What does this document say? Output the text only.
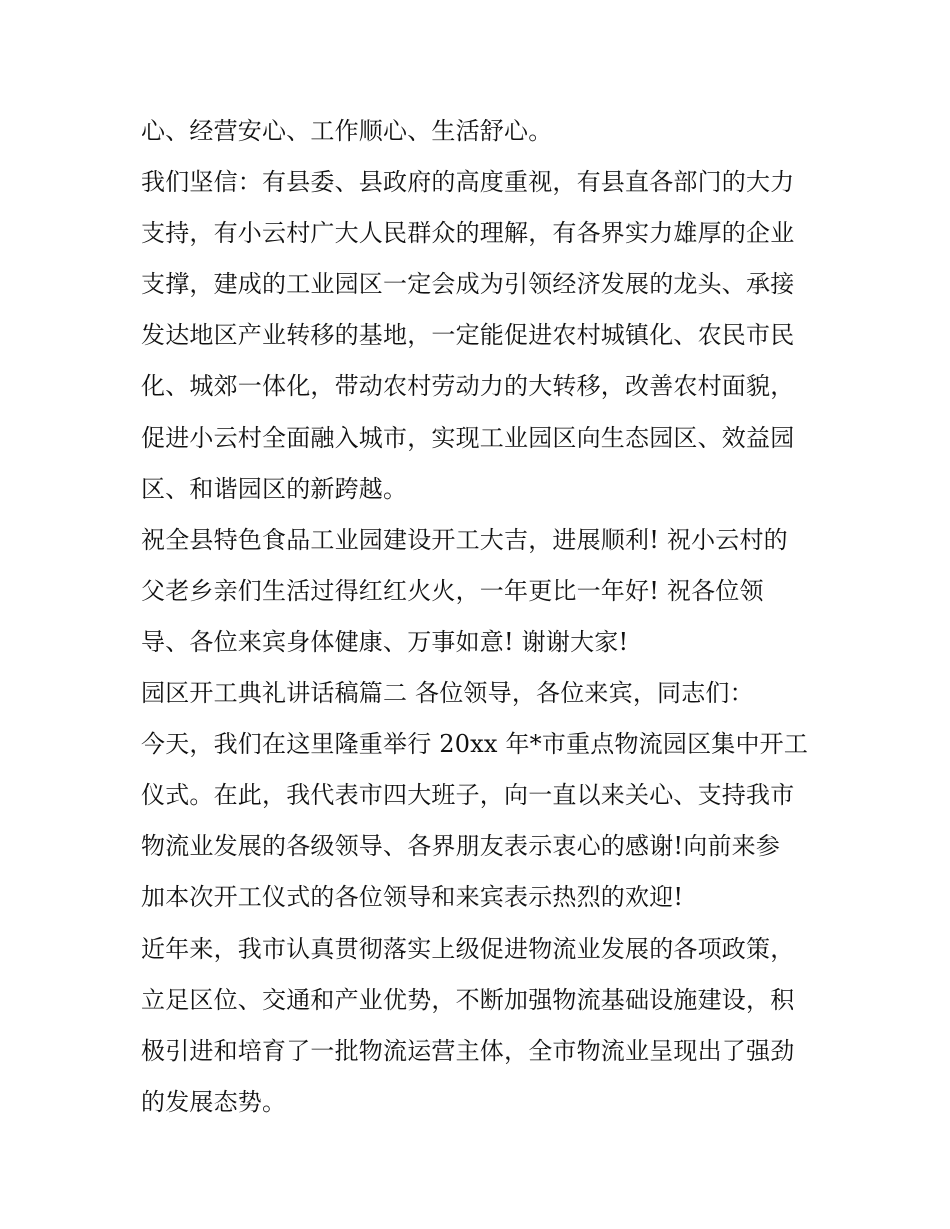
心、经营安心、工作顺心、生活舒心。
我们坚信：有县委、县政府的高度重视，有县直各部门的大力
支持，有小云村广大人民群众的理解，有各界实力雄厚的企业
支撑，建成的工业园区一定会成为引领经济发展的龙头、承接
发达地区产业转移的基地，一定能促进农村城镇化、农民市民
化、城郊一体化，带动农村劳动力的大转移，改善农村面貌，
促进小云村全面融入城市，实现工业园区向生态园区、效益园
区、和谐园区的新跨越。
祝全县特色食品工业园建设开工大吉，进展顺利! 祝小云村的
父老乡亲们生活过得红红火火，一年更比一年好! 祝各位领
导、各位来宾身体健康、万事如意! 谢谢大家!
园区开工典礼讲话稿篇二 各位领导，各位来宾，同志们：
今天，我们在这里隆重举行 20xx 年*市重点物流园区集中开工
仪式。在此，我代表市四大班子，向一直以来关心、支持我市
物流业发展的各级领导、各界朋友表示衷心的感谢!向前来参
加本次开工仪式的各位领导和来宾表示热烈的欢迎!
近年来，我市认真贯彻落实上级促进物流业发展的各项政策，
立足区位、交通和产业优势，不断加强物流基础设施建设，积
极引进和培育了一批物流运营主体，全市物流业呈现出了强劲
的发展态势。
